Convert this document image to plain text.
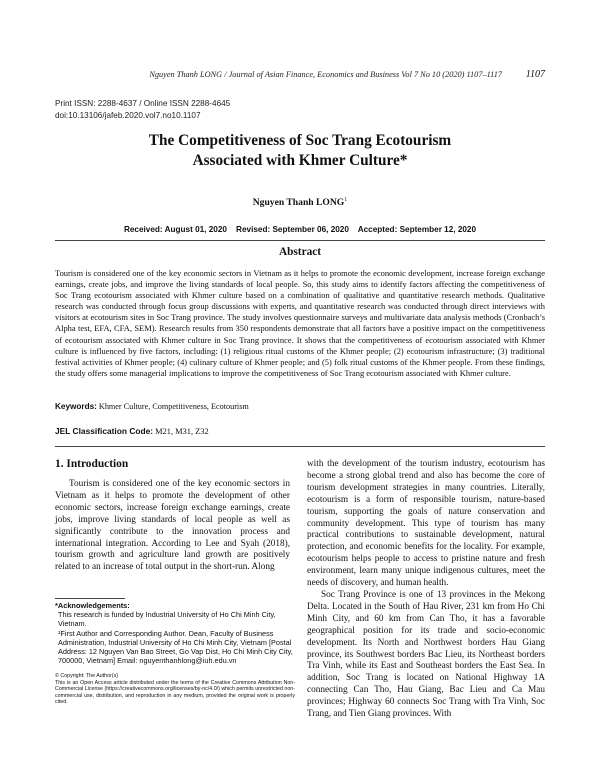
Nguyen Thanh LONG / Journal of Asian Finance, Economics and Business Vol 7 No 10 (2020) 1107–1117	1107
Print ISSN: 2288-4637 / Online ISSN 2288-4645
doi:10.13106/jafeb.2020.vol7.no10.1107
The Competitiveness of Soc Trang Ecotourism
Associated with Khmer Culture*
Nguyen Thanh LONG$^1$
Received: August 01, 2020    Revised: September 06, 2020    Accepted: September 12, 2020
Abstract
Tourism is considered one of the key economic sectors in Vietnam as it helps to promote the economic development, increase foreign exchange earnings, create jobs, and improve the living standards of local people. So, this study aims to identify factors affecting the competitiveness of Soc Trang ecotourism associated with Khmer culture based on a combination of qualitative and quantitative research methods. Qualitative research was conducted through focus group discussions with experts, and quantitative research was conducted through direct interviews with visitors at ecotourism sites in Soc Trang province. The study involves questionnaire surveys and multivariate data analysis methods (Cronbach’s Alpha test, EFA, CFA, SEM). Research results from 350 respondents demonstrate that all factors have a positive impact on the competitiveness of ecotourism associated with Khmer culture in Soc Trang province. It shows that the competitiveness of ecotourism associated with Khmer culture is influenced by five factors, including: (1) religious ritual customs of the Khmer people; (2) ecotourism infrastructure; (3) traditional festival activities of Khmer people; (4) culinary culture of Khmer people; and (5) folk ritual customs of the Khmer people. From these findings, the study offers some managerial implications to improve the competitiveness of Soc Trang ecotourism associated with Khmer culture.
Keywords: Khmer Culture, Competitiveness, Ecotourism
JEL Classification Code: M21, M31, Z32
1. Introduction

Tourism is considered one of the key economic sectors in Vietnam as it helps to promote the development of other economic sectors, increase foreign exchange earnings, create jobs, improve living standards of local people as well as significantly contribute to the innovation process and international integration. According to Lee and Syah (2018), tourism growth and agriculture land growth are positively related to an increase of total output in the short-run. Along

with the development of the tourism industry, ecotourism has become a strong global trend and also has become the core of tourism development strategies in many countries. Literally, ecotourism is a form of responsible tourism, nature-based tourism, supporting the goals of nature conservation and community development. This type of tourism has many practical contributions to sustainable development, natural protection, and economic benefits for the locality. For example, ecotourism helps people to access to pristine nature and fresh environment, learn many unique indigenous cultures, meet the needs of discovery, and human health.

Soc Trang Province is one of 13 provinces in the Mekong Delta. Located in the South of Hau River, 231 km from Ho Chi Minh City, and 60 km from Can Tho, it has a favorable geographical position for its trade and socio-economic development. Its North and Northwest borders Hau Giang province, its Southwest borders Bac Lieu, its Northeast borders Tra Vinh, while its East and Southeast borders the East Sea. In addition, Soc Trang is located on National Highway 1A connecting Can Tho, Hau Giang, Bac Lieu and Ca Mau provinces; Highway 60 connects Soc Trang with Tra Vinh, Soc Trang, and Tien Giang provinces. With

*Acknowledgements:

This research is funded by Industrial University of Ho Chi Minh City, Vietnam.

¹First Author and Corresponding Author. Dean, Faculty of Business Administration, Industrial University of Ho Chi Minh City, Vietnam [Postal Address: 12 Nguyen Van Bao Street, Go Vap Dist, Ho Chi Minh City City, 700000, Vietnam] Email: nguyenthanhlong@iuh.edu.vn

© Copyright: The Author(s)

This is an Open Access article distributed under the terms of the Creative Commons Attribution Non-Commercial License (https://creativecommons.org/licenses/by-nc/4.0/) which permits unrestricted non-commercial use, distribution, and reproduction in any medium, provided the original work is properly cited.
